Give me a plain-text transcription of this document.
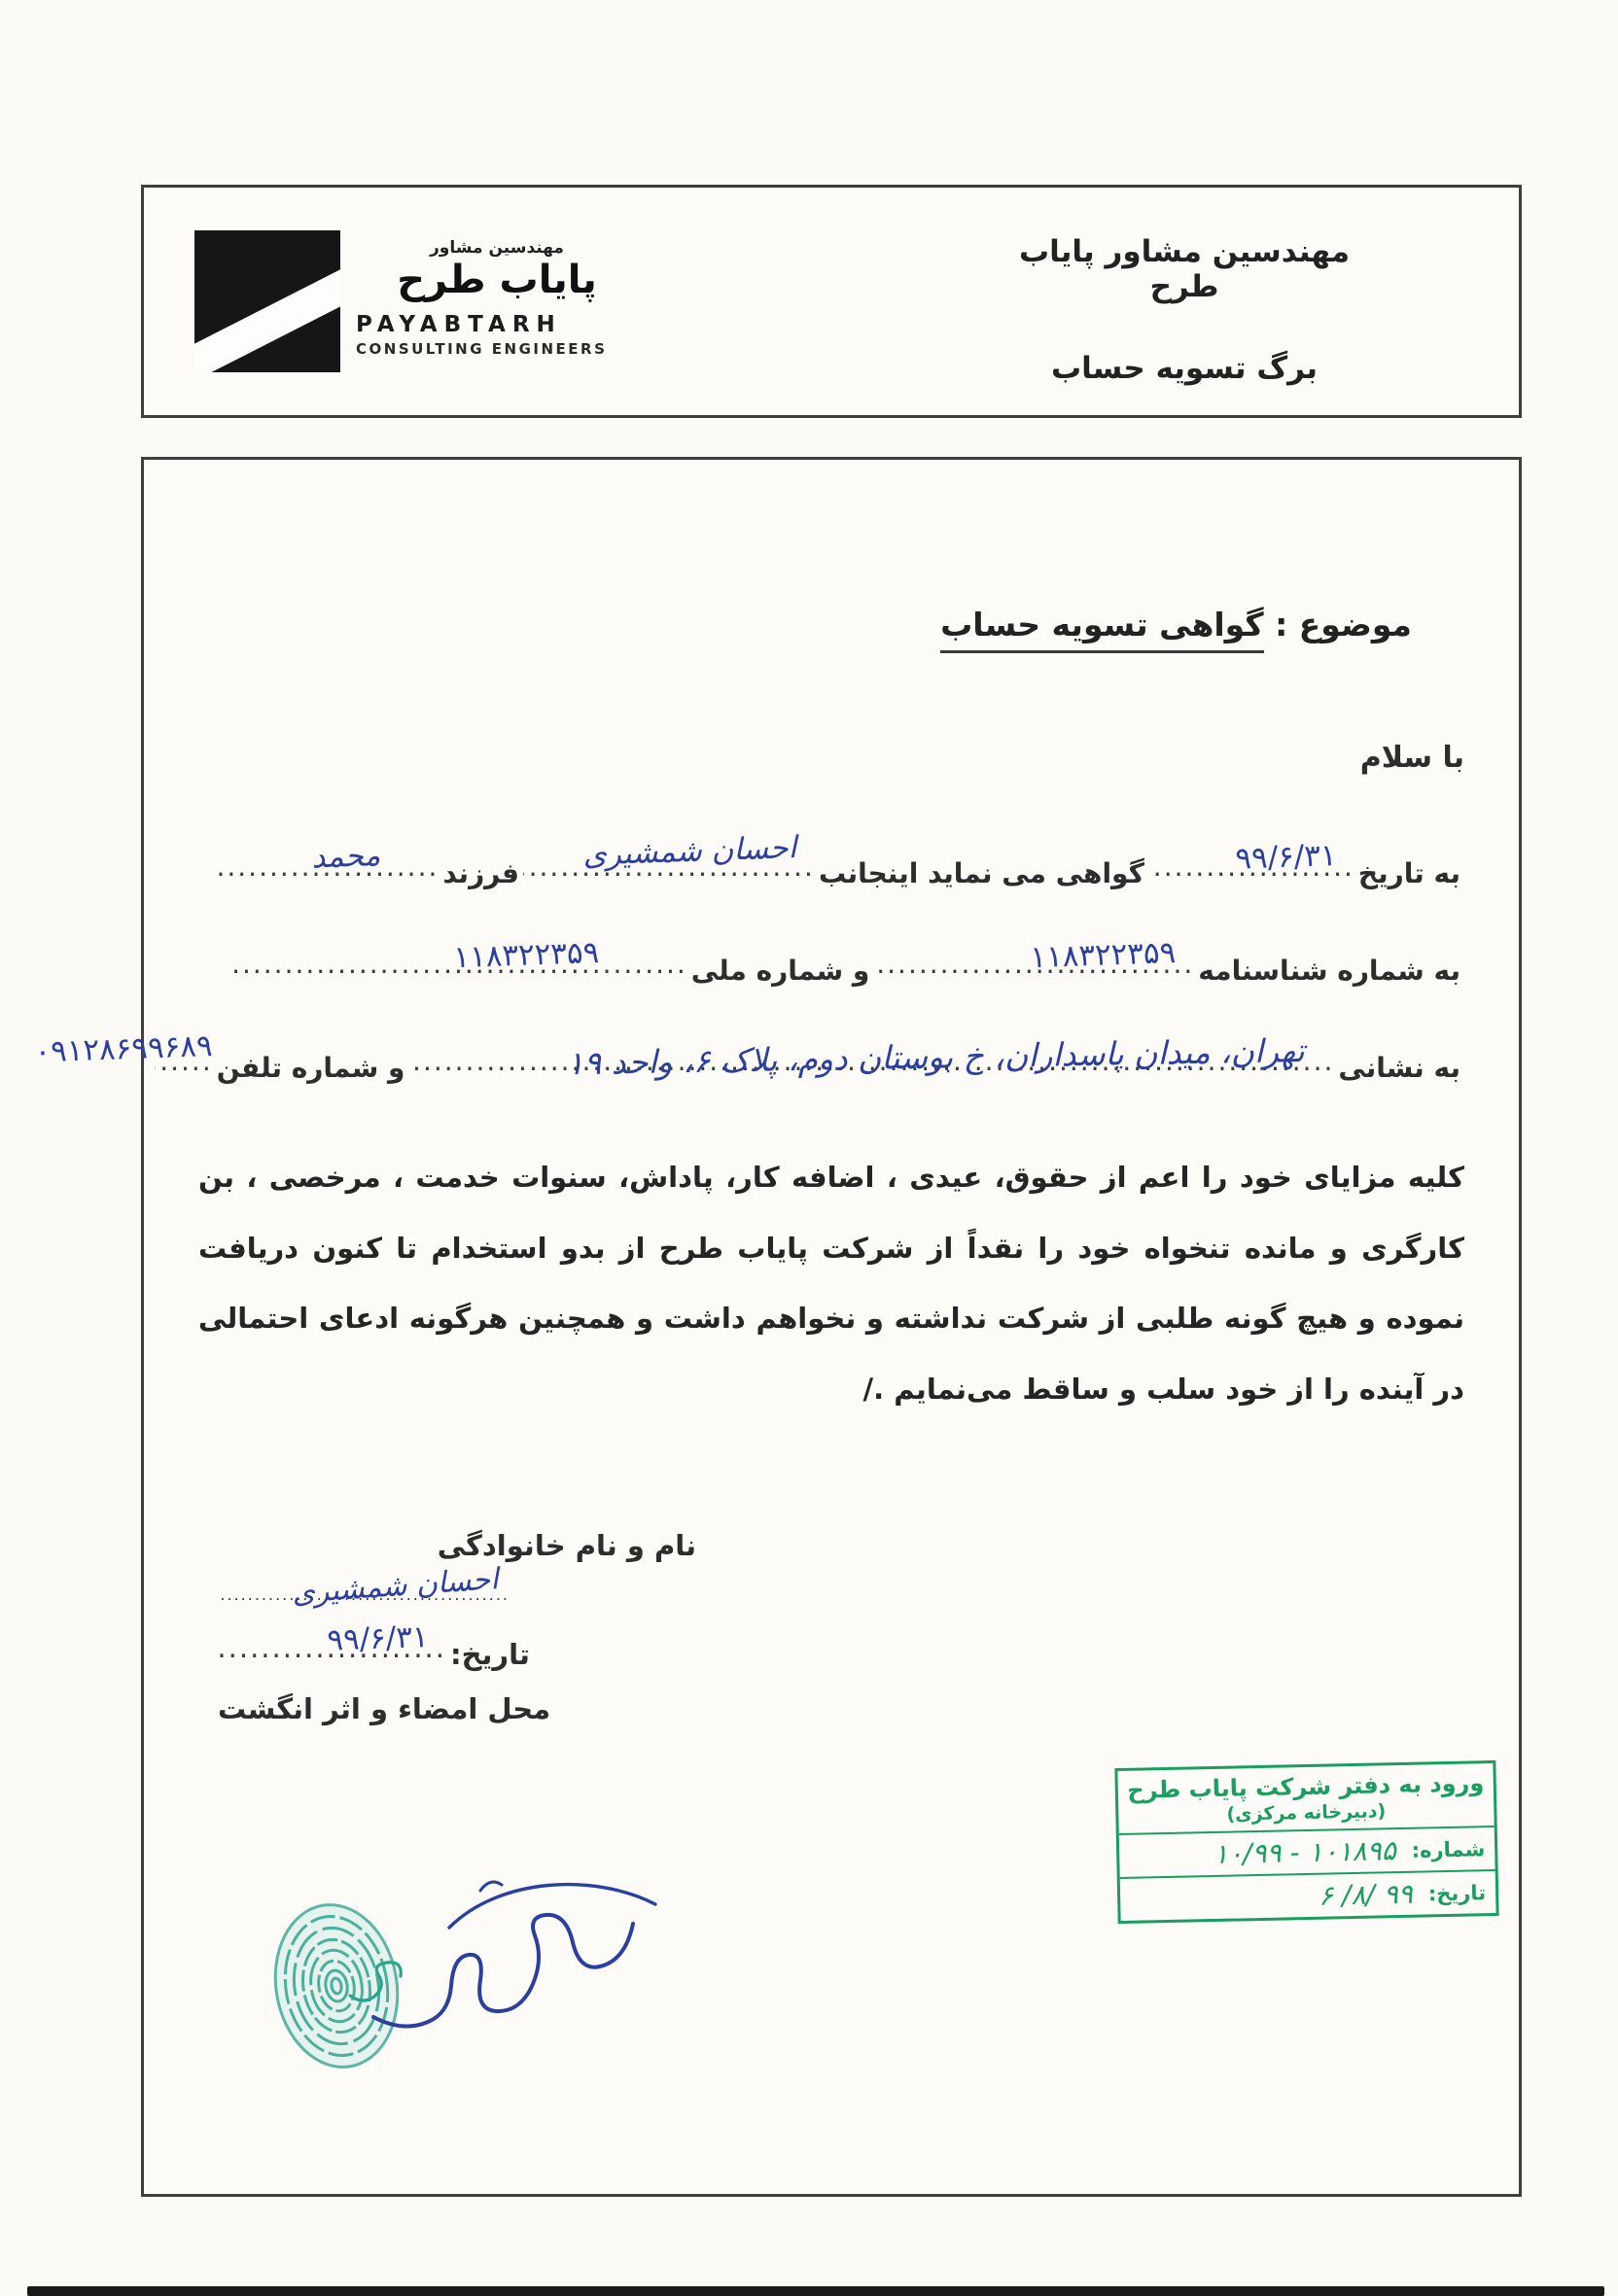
مهندسین مشاور
پایاب طرح
PAYABTARH
CONSULTING ENGINEERS
مهندسین مشاور پایاب طرح
برگ تسویه حساب
موضوع : گواهی تسویه حساب
با سلام
به تاریخ
.....
۹۹/۶/۳۱
گواهی می نماید اینجانب
.....
احسان شمشیری
فرزند
.....
محمد
به شماره شناسنامه
.....
۱۱۸۳۲۲۳۵۹
و شماره ملی
.....
۱۱۸۳۲۲۳۵۹
به نشانی
.....
تهران، میدان پاسداران، خ بوستان دوم، پلاک ۶، واحد ۱۹
و شماره تلفن
.....
۰۹۱۲۸۶۹۹۶۸۹

کلیه مزایای خود را اعم از حقوق، عیدی ، اضافه کار، پاداش، سنوات خدمت ، مرخصی ، بن کارگری و مانده تنخواه خود را نقداً از شرکت پایاب طرح از بدو استخدام تا کنون دریافت نموده و هیچ گونه طلبی از شرکت نداشته و نخواهم داشت و همچنین هرگونه ادعای احتمالی در آینده را از خود سلب و ساقط می‌نمایم ./

نام و نام خانوادگی
.....
احسان شمشیری
تاریخ:
.....
۹۹/۶/۳۱
محل امضاء و اثر انگشت
ورود به دفتر شرکت پایاب طرح
(دبیرخانه مرکزی)
شماره:
۱۰۱۸۹۵ - ۱۰/۹۹
تاریخ:
۹۹ /۸/ ۶
